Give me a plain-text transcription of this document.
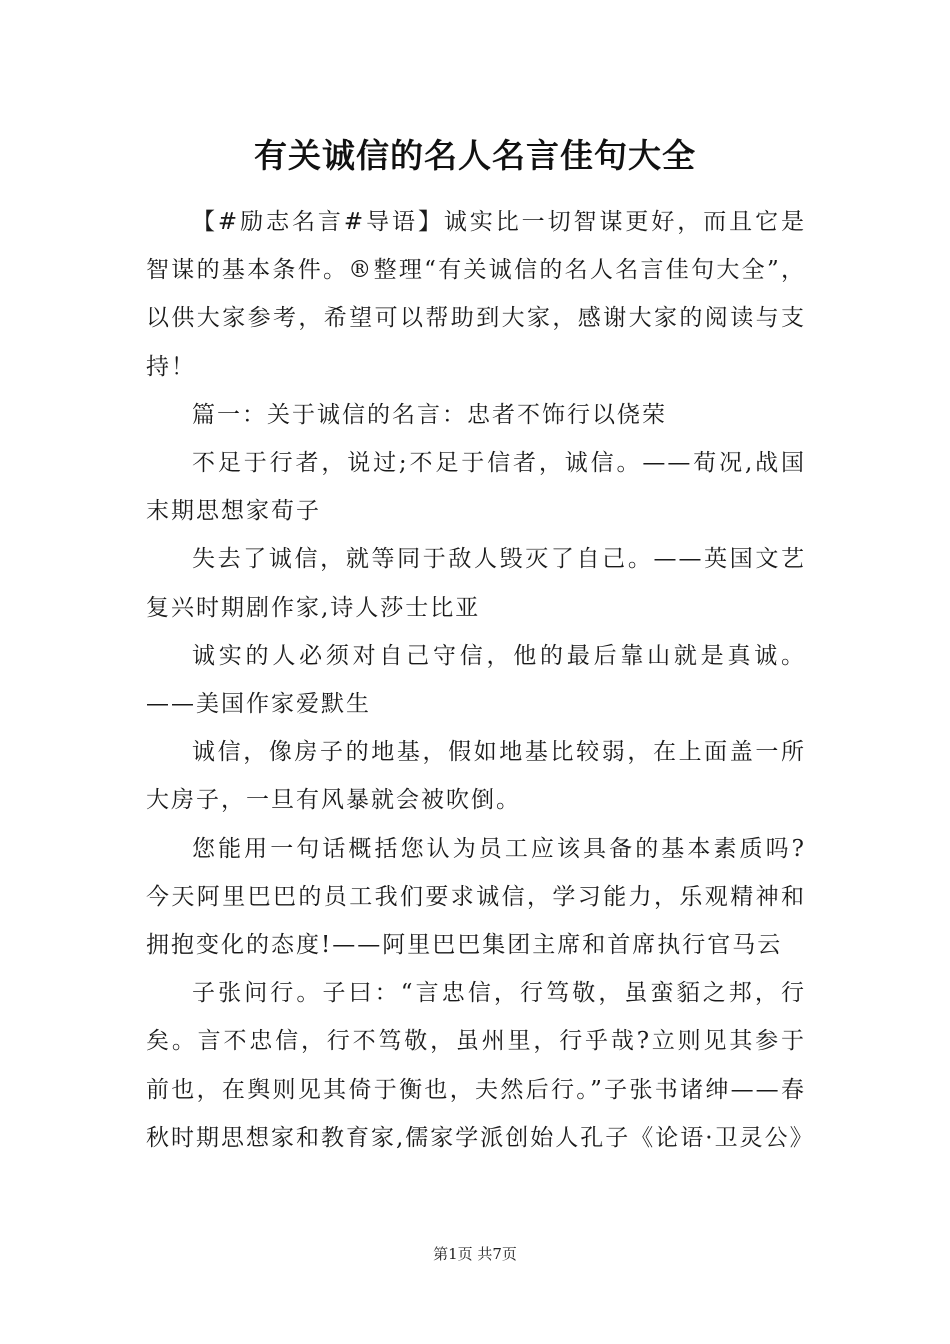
有关诚信的名人名言佳句大全

【#励志名言#导语】诚实比一切智谋更好，而且它是智谋的基本条件。®整理“有关诚信的名人名言佳句大全”，以供大家参考，希望可以帮助到大家，感谢大家的阅读与支持！

篇一：关于诚信的名言：忠者不饰行以侥荣

不足于行者，说过;不足于信者，诚信。——荀况,战国末期思想家荀子

失去了诚信，就等同于敌人毁灭了自己。——英国文艺复兴时期剧作家,诗人莎士比亚

诚实的人必须对自己守信，他的最后靠山就是真诚。——美国作家爱默生

诚信，像房子的地基，假如地基比较弱，在上面盖一所大房子，一旦有风暴就会被吹倒。

您能用一句话概括您认为员工应该具备的基本素质吗?今天阿里巴巴的员工我们要求诚信，学习能力，乐观精神和拥抱变化的态度!——阿里巴巴集团主席和首席执行官马云

子张问行。子曰：“言忠信，行笃敬，虽蛮貊之邦，行矣。言不忠信，行不笃敬，虽州里，行乎哉?立则见其参于前也，在舆则见其倚于衡也，夫然后行。”子张书诸绅——春秋时期思想家和教育家,儒家学派创始人孔子《论语·卫灵公》

第1页 共7页
